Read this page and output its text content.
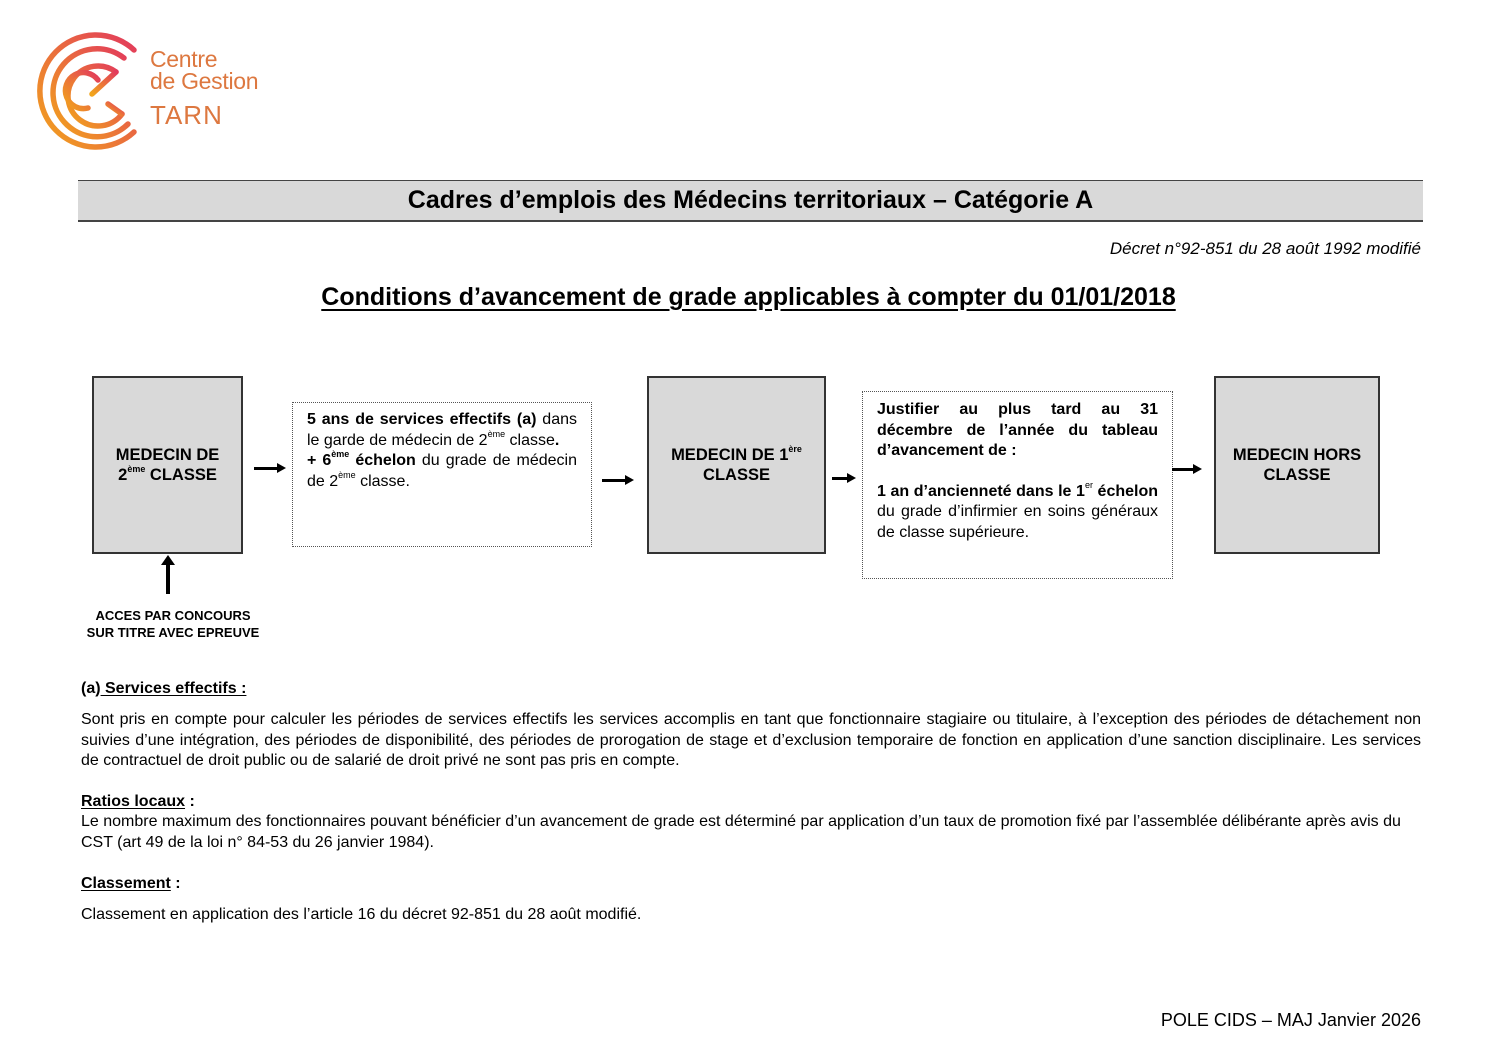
Centre
de Gestion
TARN
Cadres d’emplois des Médecins territoriaux – Catégorie A
Décret n°92-851 du 28 août 1992 modifié
Conditions d’avancement de grade applicables à compter du 01/01/2018
MEDECIN DE
2ème CLASSE

5 ans de services effectifs (a) dans le garde de médecin de 2ème classe.
+ 6ème échelon du grade de médecin de 2ème classe.

MEDECIN DE 1ère
CLASSE

Justifier au plus tard au 31 décembre de l’année du tableau d’avancement de :

1 an d’ancienneté dans le 1er échelon du grade d’infirmier en soins généraux de classe supérieure.

MEDECIN HORS
CLASSE
ACCES PAR CONCOURS
SUR TITRE AVEC EPREUVE
(a) Services effectifs :

Sont pris en compte pour calculer les périodes de services effectifs les services accomplis en tant que fonctionnaire stagiaire ou titulaire, à l’exception des périodes de détachement non suivies d’une intégration, des périodes de disponibilité, des périodes de prorogation de stage et d’exclusion temporaire de fonction en application d’une sanction disciplinaire. Les services de contractuel de droit public ou de salarié de droit privé ne sont pas pris en compte.

Ratios locaux :

Le nombre maximum des fonctionnaires pouvant bénéficier d’un avancement de grade est déterminé par application d’un taux de promotion fixé par l’assemblée délibérante après avis du CST (art 49 de la loi n° 84-53 du 26 janvier 1984).

Classement :

Classement en application des l’article 16 du décret 92-851 du 28 août modifié.

POLE CIDS – MAJ Janvier 2026
